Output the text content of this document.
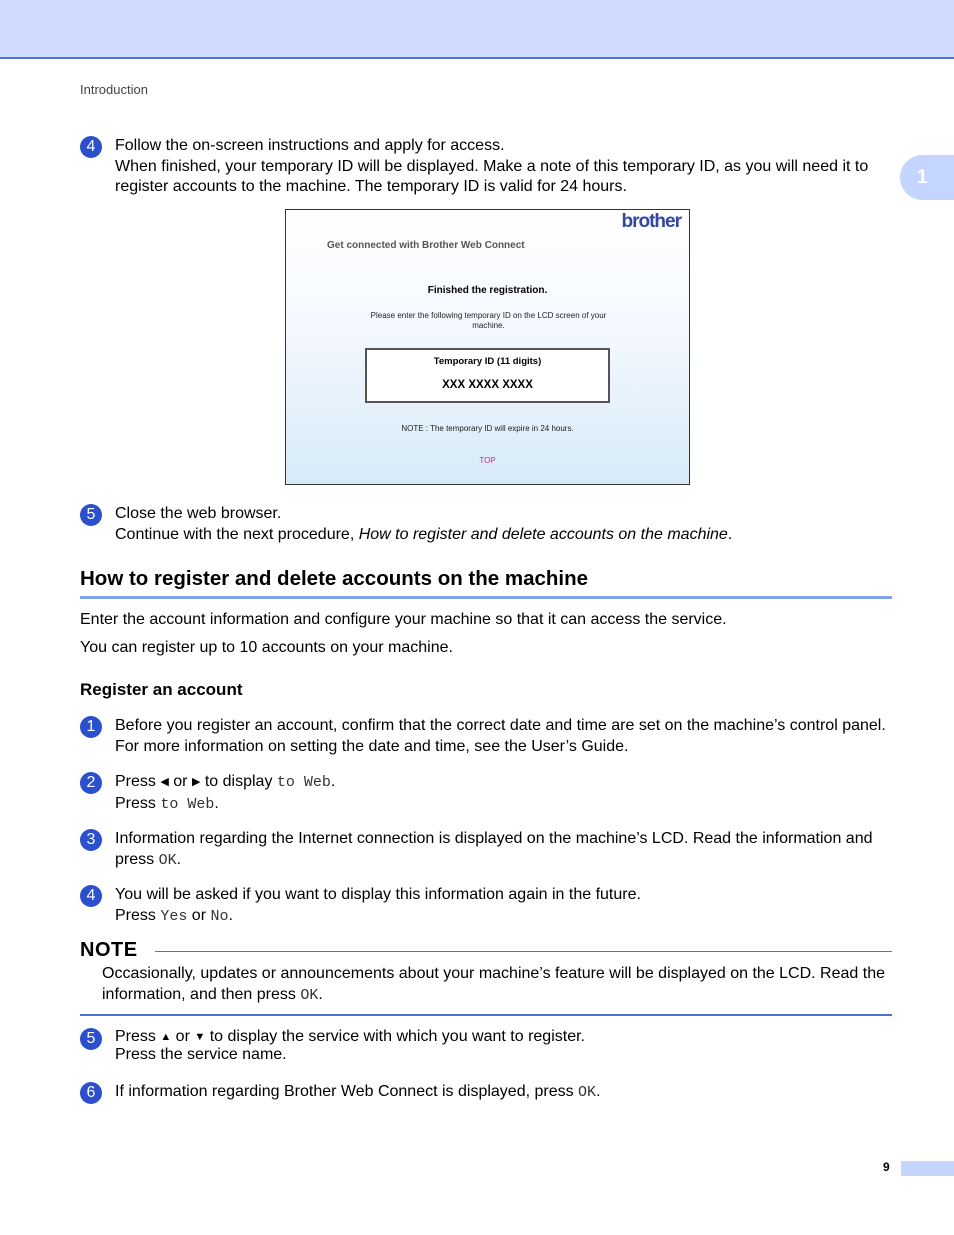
Introduction
1
4	Follow the on-screen instructions and apply for access.
When finished, your temporary ID will be displayed. Make a note of this temporary ID, as you will need it to register accounts to the machine. The temporary ID is valid for 24 hours.
brother
Get connected with Brother Web Connect
Finished the registration.
Please enter the following temporary ID on the LCD screen of your machine.
Temporary ID (11 digits)
XXX XXXX XXXX
NOTE : The temporary ID will expire in 24 hours.
TOP
5	Close the web browser.
Continue with the next procedure, How to register and delete accounts on the machine.
How to register and delete accounts on the machine
Enter the account information and configure your machine so that it can access the service.
You can register up to 10 accounts on your machine.
Register an account
1	Before you register an account, confirm that the correct date and time are set on the machine’s control panel. For more information on setting the date and time, see the User’s Guide.
2	Press ◀ or ▶ to display to Web.
Press to Web.
3	Information regarding the Internet connection is displayed on the machine’s LCD. Read the information and press OK.
4	You will be asked if you want to display this information again in the future.
Press Yes or No.
NOTE
Occasionally, updates or announcements about your machine’s feature will be displayed on the LCD. Read the information, and then press OK.
5	Press ▲ or ▼ to display the service with which you want to register.
Press the service name.
6	If information regarding Brother Web Connect is displayed, press OK.
9
